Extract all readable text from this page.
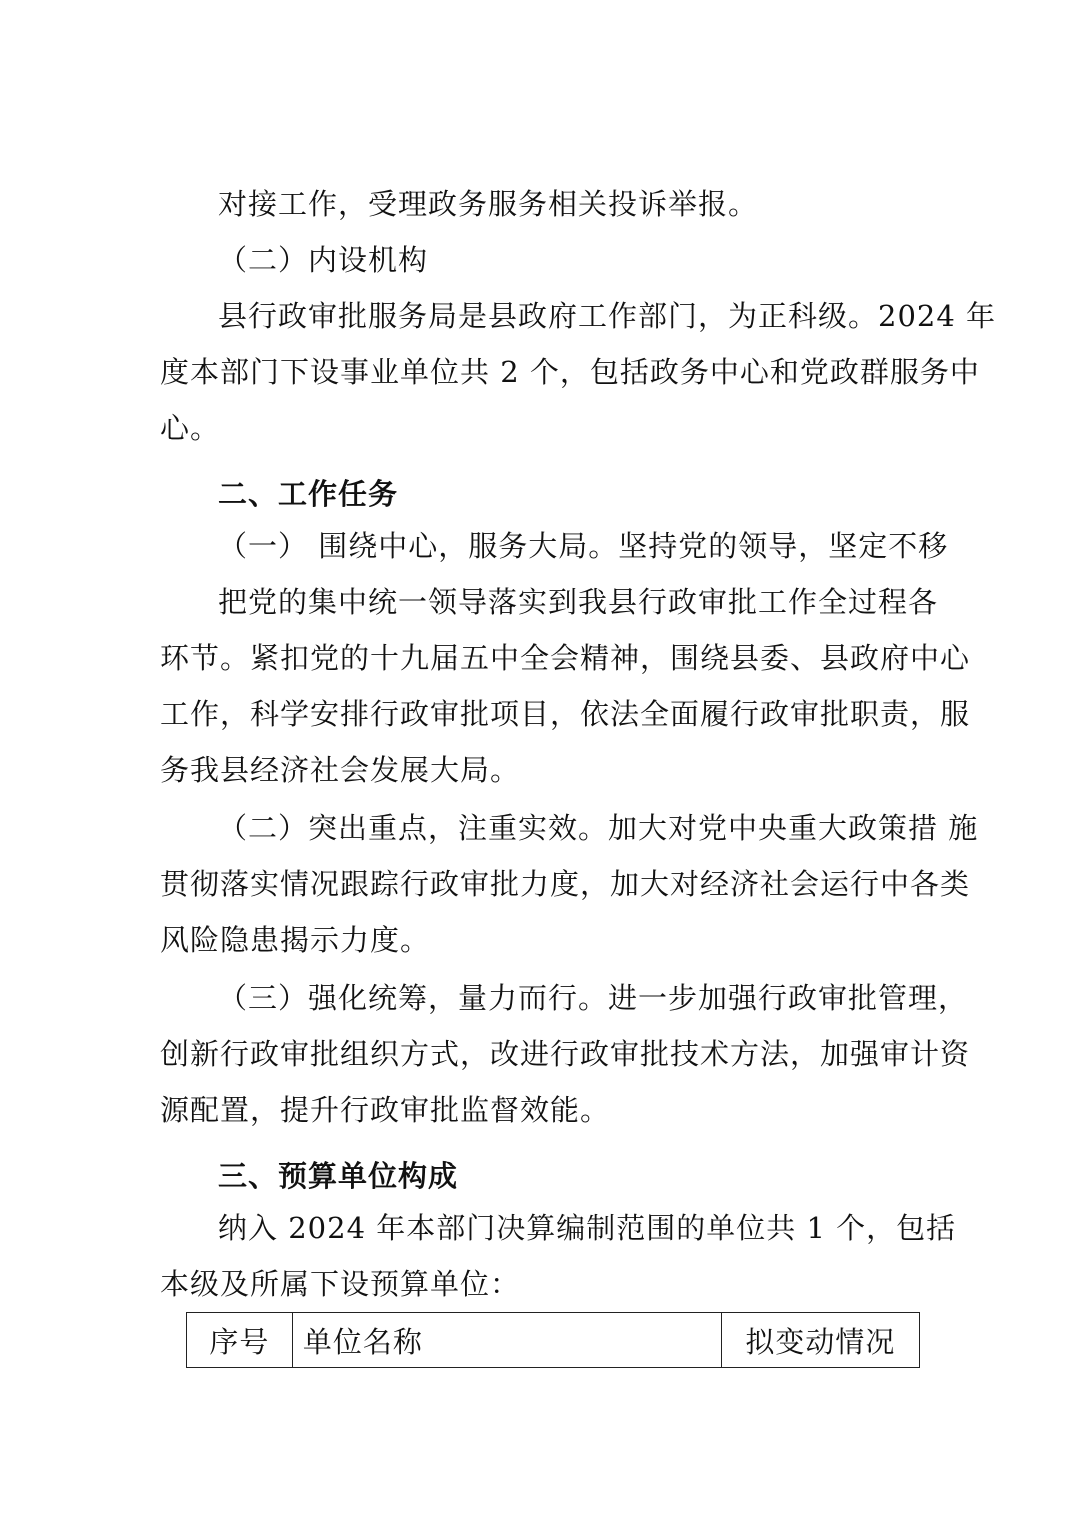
对接工作，受理政务服务相关投诉举报。
（二）内设机构
县行政审批服务局是县政府工作部门，为正科级。2024 年
度本部门下设事业单位共 2 个，包括政务中心和党政群服务中
心。
二、工作任务
（一） 围绕中心，服务大局。坚持党的领导，坚定不移
把党的集中统一领导落实到我县行政审批工作全过程各
环节。紧扣党的十九届五中全会精神，围绕县委、县政府中心
工作，科学安排行政审批项目，依法全面履行政审批职责，服
务我县经济社会发展大局。
（二）突出重点，注重实效。加大对党中央重大政策措 施
贯彻落实情况跟踪行政审批力度，加大对经济社会运行中各类
风险隐患揭示力度。
（三）强化统筹，量力而行。进一步加强行政审批管理，
创新行政审批组织方式，改进行政审批技术方法，加强审计资
源配置，提升行政审批监督效能。
三、预算单位构成
纳入 2024 年本部门决算编制范围的单位共 1 个，包括
本级及所属下设预算单位：
序号	单位名称	拟变动情况
